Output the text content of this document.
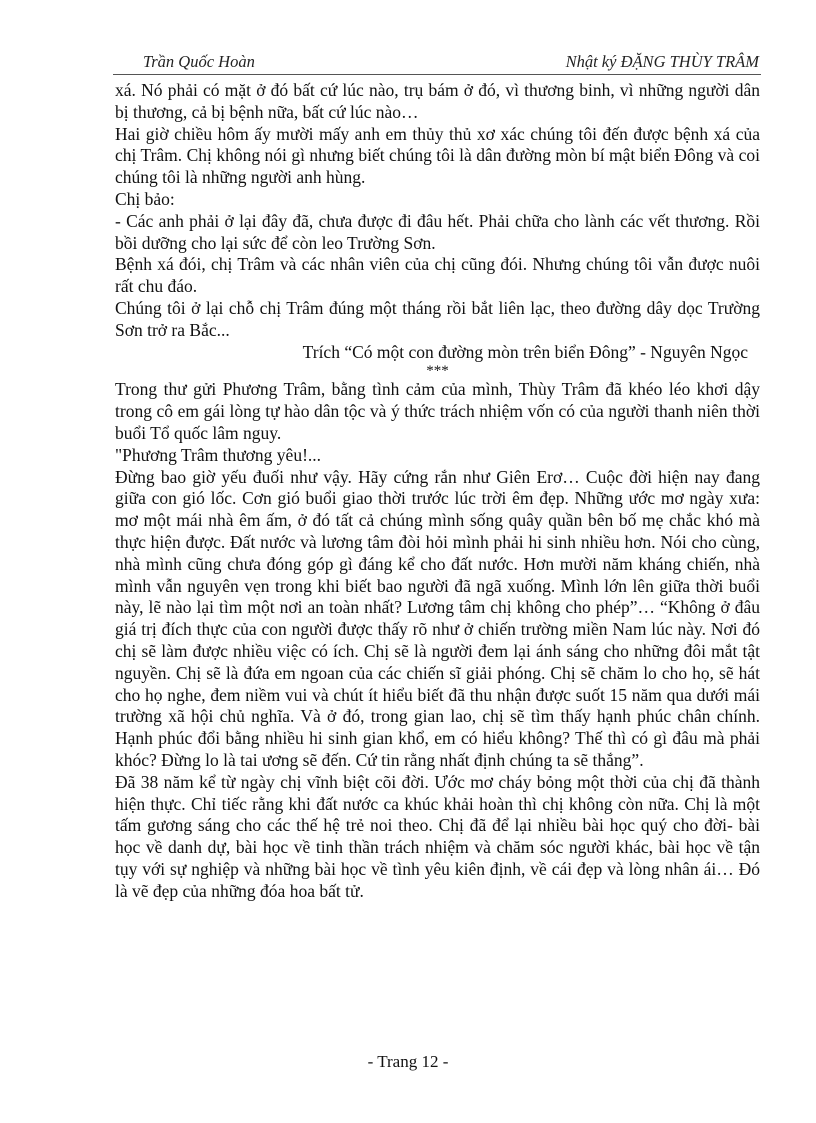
Trần Quốc Hoàn	Nhật ký ĐẶNG THÙY TRÂM

xá. Nó phải có mặt ở đó bất cứ lúc nào, trụ bám ở đó, vì thương binh, vì những người dân bị thương, cả bị bệnh nữa, bất cứ lúc nào…

Hai giờ chiều hôm ấy mười mấy anh em thủy thủ xơ xác chúng tôi đến được bệnh xá của chị Trâm. Chị không nói gì nhưng biết chúng tôi là dân đường mòn bí mật biển Đông và coi chúng tôi là những người anh hùng.

Chị bảo:

- Các anh phải ở lại đây đã, chưa được đi đâu hết. Phải chữa cho lành các vết thương. Rồi bồi dưỡng cho lại sức để còn leo Trường Sơn.

Bệnh xá đói, chị Trâm và các nhân viên của chị cũng đói. Nhưng chúng tôi vẫn được nuôi rất chu đáo.

Chúng tôi ở lại chỗ chị Trâm đúng một tháng rồi bắt liên lạc, theo đường dây dọc Trường Sơn trở ra Bắc...

Trích “Có một con đường mòn trên biển Đông” - Nguyên Ngọc

***

Trong thư gửi Phương Trâm, bằng tình cảm của mình, Thùy Trâm đã khéo léo khơi dậy trong cô em gái lòng tự hào dân tộc và ý thức trách nhiệm vốn có của người thanh niên thời buổi Tổ quốc lâm nguy.

"Phương Trâm thương yêu!...

Đừng bao giờ yếu đuối như vậy. Hãy cứng rắn như Giên Erơ… Cuộc đời hiện nay đang giữa con gió lốc. Cơn gió buổi giao thời trước lúc trời êm đẹp. Những ước mơ ngày xưa: mơ một mái nhà êm ấm, ở đó tất cả chúng mình sống quây quần bên bố mẹ chắc khó mà thực hiện được. Đất nước và lương tâm đòi hỏi mình phải hi sinh nhiều hơn. Nói cho cùng, nhà mình cũng chưa đóng góp gì đáng kể cho đất nước. Hơn mười năm kháng chiến, nhà mình vẫn nguyên vẹn trong khi biết bao người đã ngã xuống. Mình lớn lên giữa thời buổi này, lẽ nào lại tìm một nơi an toàn nhất? Lương tâm chị không cho phép”… “Không ở đâu giá trị đích thực của con người được thấy rõ như ở chiến trường miền Nam lúc này. Nơi đó chị sẽ làm được nhiều việc có ích. Chị sẽ là người đem lại ánh sáng cho những đôi mắt tật nguyền. Chị sẽ là đứa em ngoan của các chiến sĩ giải phóng. Chị sẽ chăm lo cho họ, sẽ hát cho họ nghe, đem niềm vui và chút ít hiểu biết đã thu nhận được suốt 15 năm qua dưới mái trường xã hội chủ nghĩa. Và ở đó, trong gian lao, chị sẽ tìm thấy hạnh phúc chân chính. Hạnh phúc đổi bằng nhiều hi sinh gian khổ, em có hiểu không? Thế thì có gì đâu mà phải khóc? Đừng lo là tai ương sẽ đến. Cứ tin rằng nhất định chúng ta sẽ thắng”.

Đã 38 năm kể từ ngày chị vĩnh biệt cõi đời. Ước mơ cháy bỏng một thời của chị đã thành hiện thực. Chỉ tiếc rằng khi đất nước ca khúc khải hoàn thì chị không còn nữa. Chị là một tấm gương sáng cho các thế hệ trẻ noi theo. Chị đã để lại nhiều bài học quý cho đời- bài học về danh dự, bài học về tinh thần trách nhiệm và chăm sóc người khác, bài học về tận tụy với sự nghiệp và những bài học về tình yêu kiên định, về cái đẹp và lòng nhân ái… Đó là vẽ đẹp của những đóa hoa bất tử.

- Trang 12 -
